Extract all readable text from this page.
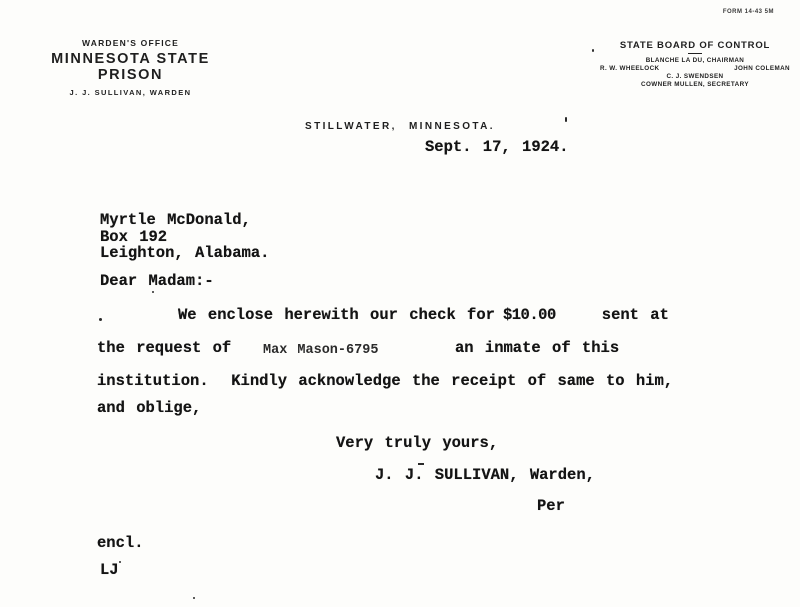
FORM 14-43 5M
WARDEN'S OFFICE
MINNESOTA STATE PRISON
J. J. SULLIVAN, WARDEN
STATE BOARD OF CONTROL
BLANCHE LA DU, CHAIRMAN
R. W. WHEELOCK	JOHN COLEMAN
C. J. SWENDSEN
COWNER MULLEN, SECRETARY
STILLWATER, MINNESOTA.
Sept. 17, 1924.
Myrtle McDonald,
Box 192
Leighton, Alabama.
Dear Madam:-
We enclose herewith our check for $10.00	sent at
the request of Max Mason-6795	an inmate of this
institution.  Kindly acknowledge the receipt of same to him,
and oblige,
Very truly yours,
J. J. SULLIVAN, Warden,
Per
encl.
LJ
